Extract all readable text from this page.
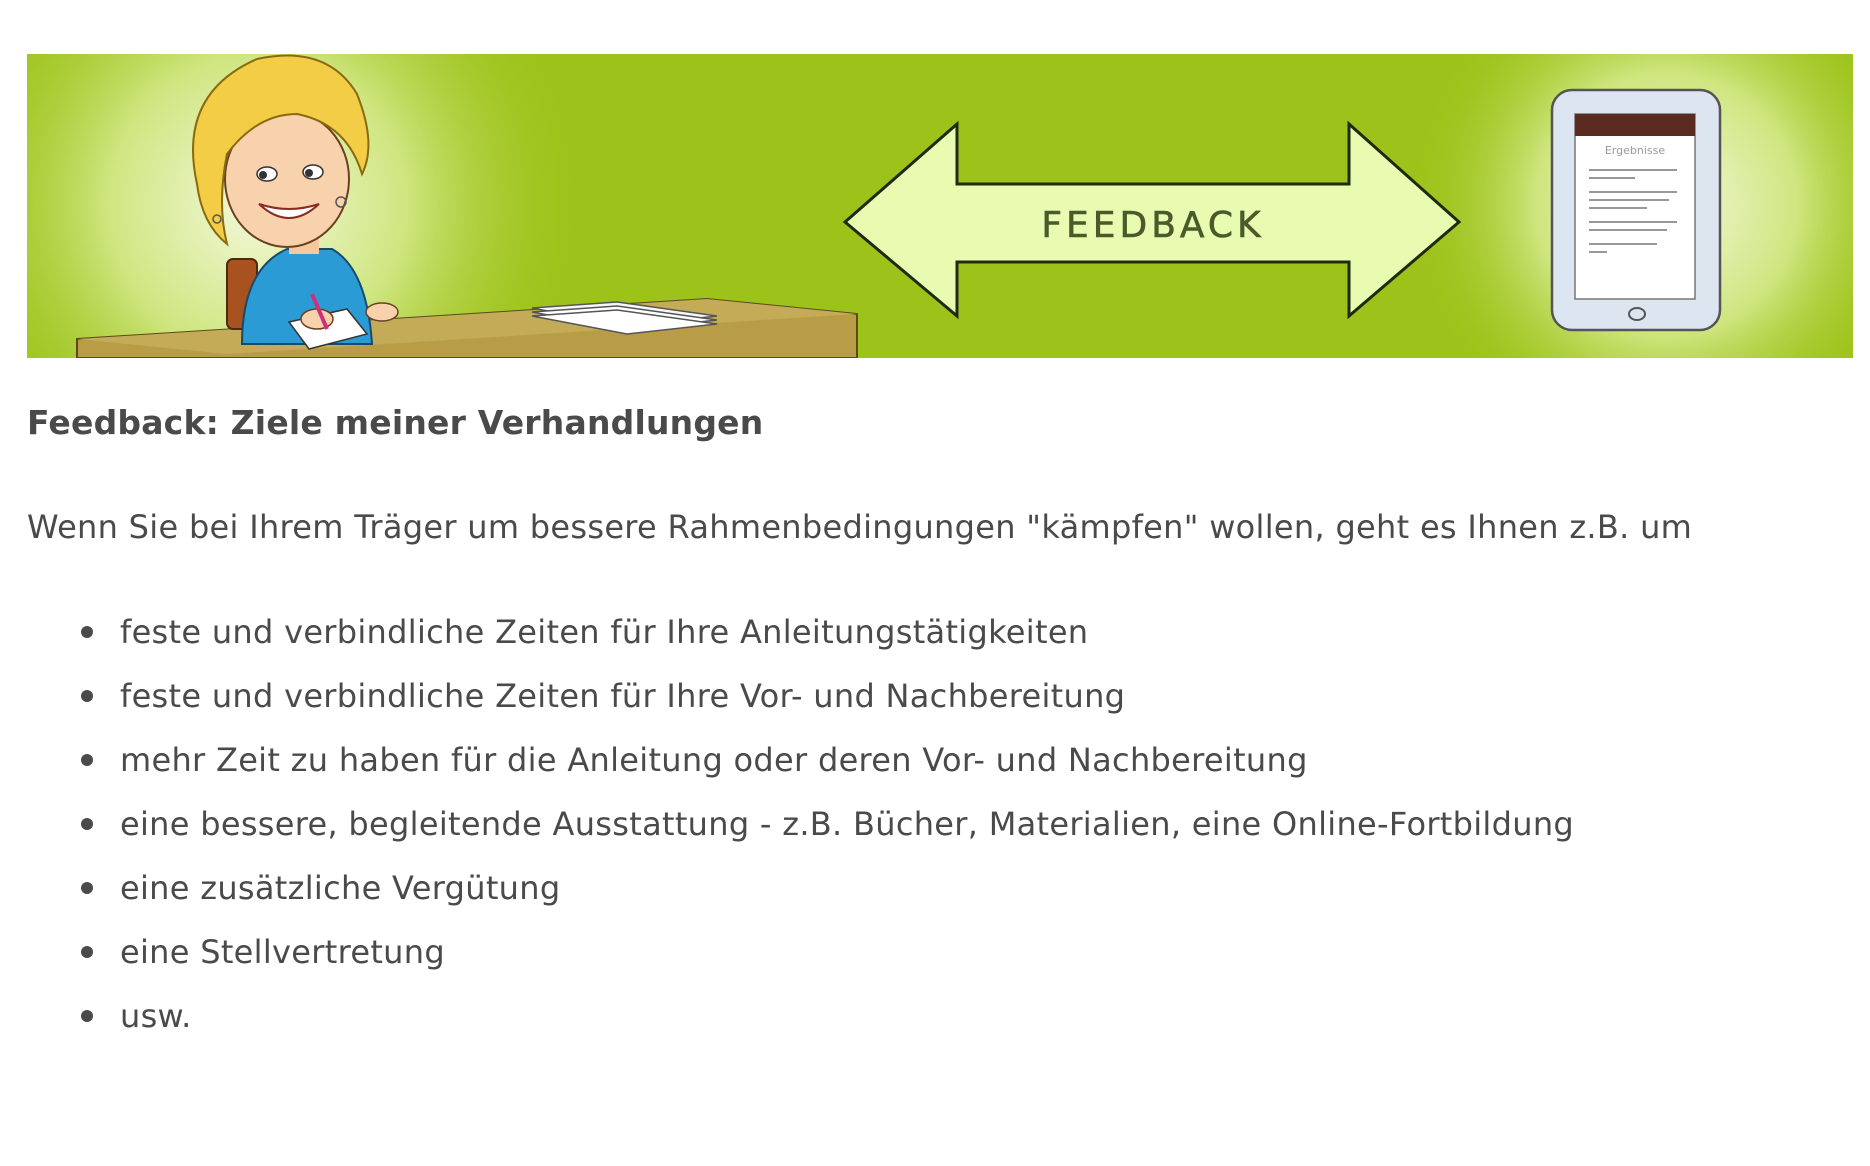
FEEDBACK
Ergebnisse
Feedback: Ziele meiner Verhandlungen

Wenn Sie bei Ihrem Träger um bessere Rahmenbedingungen "kämpfen" wollen, geht es Ihnen z.B. um

feste und verbindliche Zeiten für Ihre Anleitungstätigkeiten
feste und verbindliche Zeiten für Ihre Vor- und Nachbereitung
mehr Zeit zu haben für die Anleitung oder deren Vor- und Nachbereitung
eine bessere, begleitende Ausstattung - z.B. Bücher, Materialien, eine Online-Fortbildung
eine zusätzliche Vergütung
eine Stellvertretung
usw.
